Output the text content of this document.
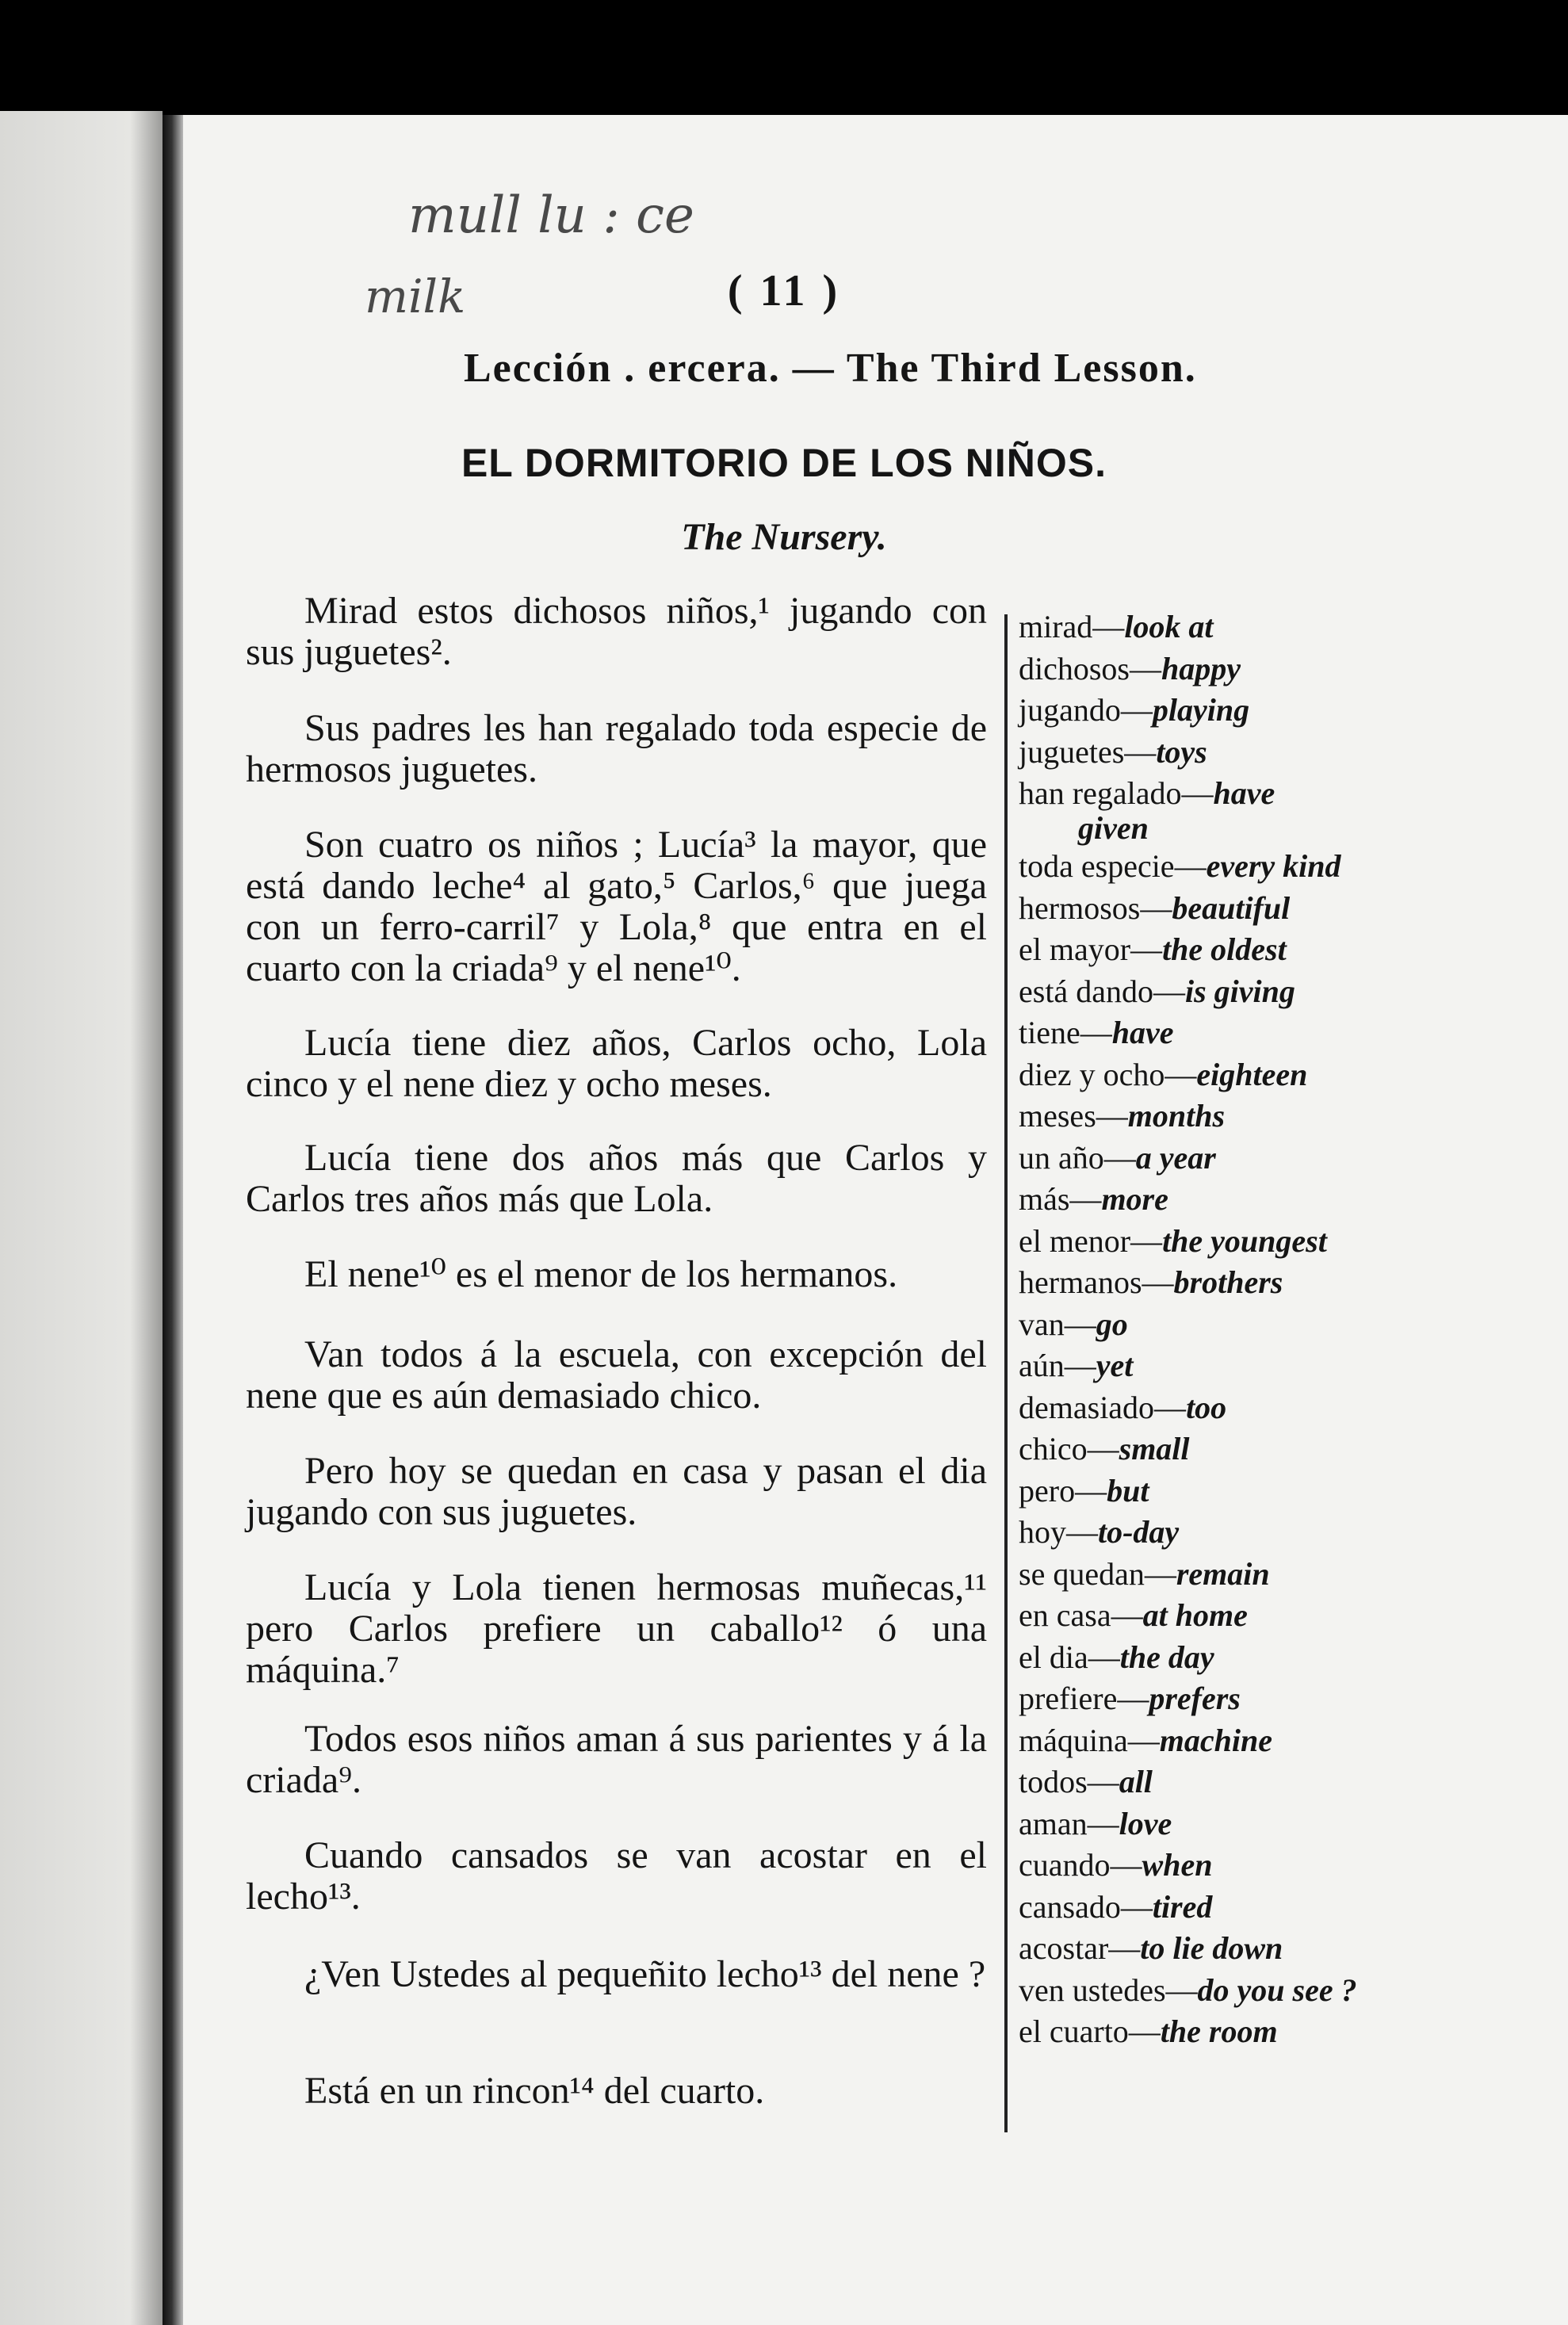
mull lu : ce
milk	( 11 )
Lección . ercera. — The Third Lesson.
EL DORMITORIO DE LOS NIÑOS.
The Nursery.

Mirad estos dichosos niños,¹ jugando con sus juguetes².

Sus padres les han regalado toda especie de hermosos juguetes.

Son cuatro os niños ; Lucía³ la mayor, que está dando leche⁴ al gato,⁵ Carlos,⁶ que juega con un ferro-carril⁷ y Lola,⁸ que entra en el cuarto con la criada⁹ y el nene¹⁰.

Lucía tiene diez años, Carlos ocho, Lola cinco y el nene diez y ocho meses.

Lucía tiene dos años más que Carlos y Carlos tres años más que Lola.

El nene¹⁰ es el menor de los hermanos.

Van todos á la escuela, con excepción del nene que es aún demasiado chico.

Pero hoy se quedan en casa y pasan el dia jugando con sus juguetes.

Lucía y Lola tienen hermosas muñecas,¹¹ pero Carlos prefiere un caballo¹² ó una máquina.⁷

Todos esos niños aman á sus parientes y á la criada⁹.

Cuando cansados se van acostar en el lecho¹³.

¿Ven Ustedes al pequeñito lecho¹³ del nene ?

Está en un rincon¹⁴ del cuarto.

mirad—look at
dichosos—happy
jugando—playing
juguetes—toys
han regalado—have
given
toda especie—every kind
hermosos—beautiful
el mayor—the oldest
está dando—is giving
tiene—have
diez y ocho—eighteen
meses—months
un año—a year
más—more
el menor—the youngest
hermanos—brothers
van—go
aún—yet
demasiado—too
chico—small
pero—but
hoy—to-day
se quedan—remain
en casa—at home
el dia—the day
prefiere—prefers
máquina—machine
todos—all
aman—love
cuando—when
cansado—tired
acostar—to lie down
ven ustedes—do you see ?
el cuarto—the room
